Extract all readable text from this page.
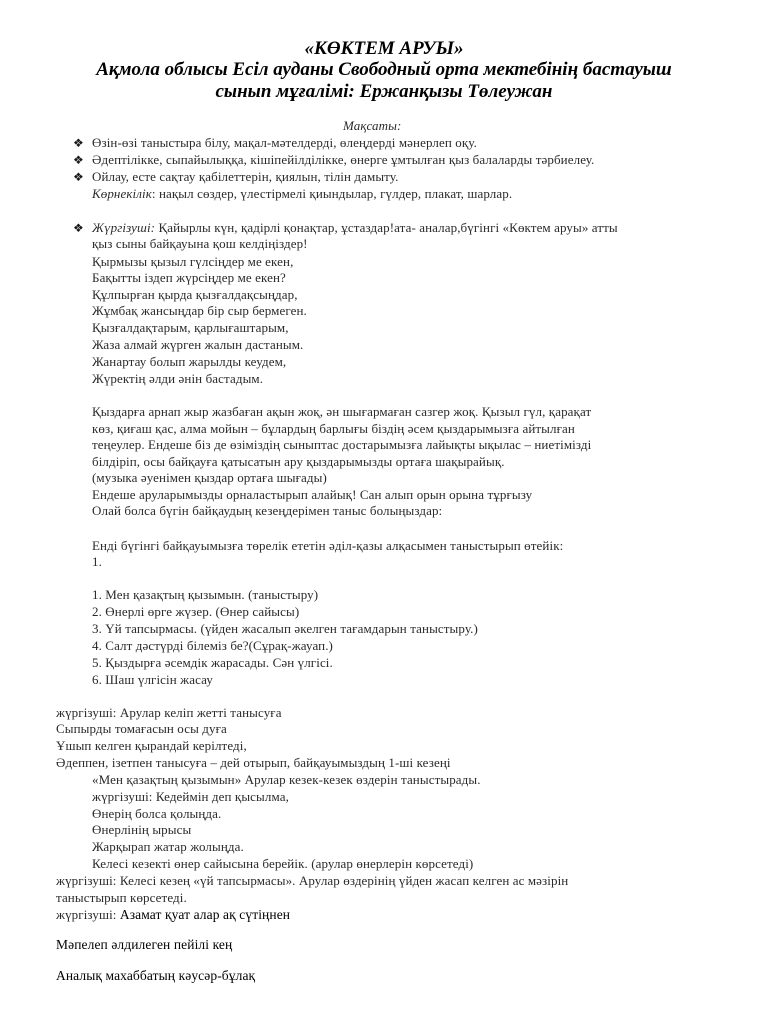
«КӨКТЕМ АРУЫ»
Ақмола облысы Есіл ауданы Свободный орта мектебінің бастауыш
сынып мұғалімі: Ержанқызы Төлеужан
Мақсаты:
❖ Өзін-өзі таныстыра білу, мақал-мәтелдерді, өлеңдерді мәнерлеп оқу.
❖ Әдептілікке, сыпайылыққа, кішіпейілділікке, өнерге ұмтылған қыз балаларды тәрбиелеу.
❖ Ойлау, есте сақтау қабілеттерін, қиялын, тілін дамыту.
Көрнекілік: нақыл сөздер, үлестірмелі қиындылар, гүлдер, плакат, шарлар.
❖ Жүргізуші: Қайырлы күн, қадірлі қонақтар, ұстаздар!ата- аналар,бүгінгі «Көктем аруы» атты
қыз сыны байқауына қош келдіңіздер!
Қырмызы қызыл гүлсіңдер ме екен,
Бақытты іздеп жүрсіңдер ме екен?
Құлпырған қырда қызғалдақсыңдар,
Жұмбақ жансыңдар бір сыр бермеген.
Қызғалдақтарым, қарлығаштарым,
Жаза алмай жүрген жалын дастаным.
Жанартау болып жарылды кеудем,
Жүректің әлди әнін бастадым.
Қыздарға арнап жыр жазбаған ақын жоқ, ән шығармаған сазгер жоқ. Қызыл гүл, қарақат
көз, қиғаш қас, алма мойын – бұлардың барлығы біздің әсем қыздарымызға айтылған
теңеулер. Ендеше біз де өзіміздің сыныптас достарымызға лайықты ықылас – ниетімізді
білдіріп, осы байқауға қатысатын ару қыздарымызды ортаға шақырайық.
(музыка әуенімен қыздар ортаға шығады)
Ендеше аруларымызды орналастырып алайық! Сан алып орын орына тұрғызу
Олай болса бүгін байқаудың кезеңдерімен таныс болыңыздар:
Енді бүгінгі байқауымызға төрелік ететін әділ-қазы алқасымен таныстырып өтейік:
1.
1. Мен қазақтың қызымын. (таныстыру)
2. Өнерлі өрге жүзер. (Өнер сайысы)
3. Үй тапсырмасы. (үйден жасалып әкелген тағамдарын таныстыру.)
4. Салт дәстүрді білеміз бе?(Сұрақ-жауап.)
5. Қыздырға әсемдік жарасады. Сән үлгісі.
6. Шаш үлгісін жасау
жүргізуші: Арулар келіп жетті танысуға
Сыпырды томағасын осы дуға
Ұшып келген қырандай керілтеді,
Әдеппен, ізетпен танысуға – дей отырып, байқауымыздың 1-ші кезеңі
«Мен қазақтың қызымын» Арулар кезек-кезек өздерін таныстырады.
жүргізуші: Кедеймін деп қысылма,
Өнерің болса қолыңда.
Өнерлінің ырысы
Жарқырап жатар жолыңда.
Келесі кезекті өнер сайысына берейік. (арулар өнерлерін көрсетеді)
жүргізуші: Келесі кезең «үй тапсырмасы». Арулар өздерінің үйден жасап келген ас мәзірін
таныстырып көрсетеді.
жүргізуші: Азамат қуат алар ақ сүтіңнен
Мәпелеп әлдилеген пейілі кең
Аналық махаббатың кәусәр-бұлақ
